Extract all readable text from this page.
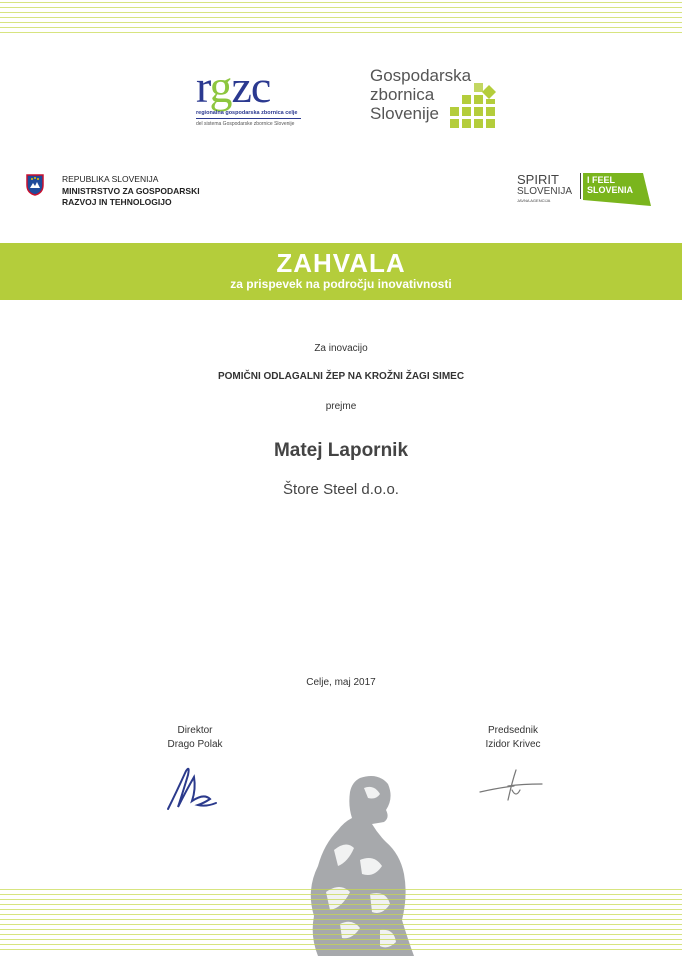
rgzc
regionalna gospodarska zbornica celje
del sistema Gospodarske zbornice Slovenije
Gospodarska
zbornica
Slovenije
REPUBLIKA SLOVENIJA
MINISTRSTVO ZA GOSPODARSKI
RAZVOJ IN TEHNOLOGIJO
SPIRIT
SLOVENIJA
JAVNA AGENCIJA
I FEEL
SLOVENIA
ZAHVALA
za prispevek na področju inovativnosti
Za inovacijo
POMIČNI ODLAGALNI ŽEP NA KROŽNI ŽAGI SIMEC
prejme
Matej Lapornik
Štore Steel d.o.o.
Celje, maj 2017
Direktor
Drago Polak
Predsednik
Izidor Krivec
